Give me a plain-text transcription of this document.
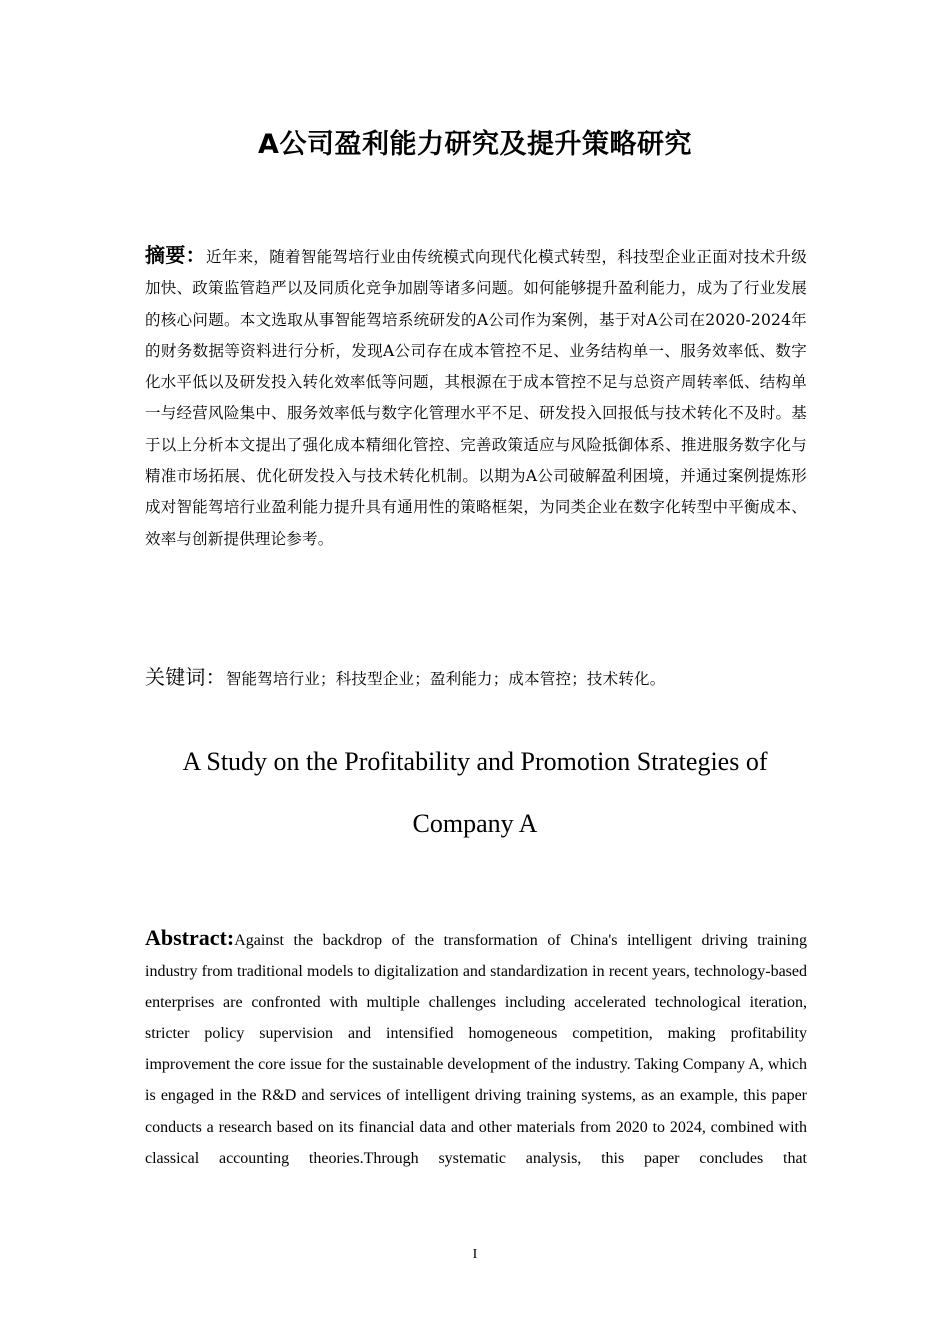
A公司盈利能力研究及提升策略研究
摘要：近年来，随着智能驾培行业由传统模式向现代化模式转型，科技型企业正面对技术升级加快、政策监管趋严以及同质化竞争加剧等诸多问题。如何能够提升盈利能力，成为了行业发展的核心问题。本文选取从事智能驾培系统研发的A公司作为案例，基于对A公司在2020-2024年的财务数据等资料进行分析，发现A公司存在成本管控不足、业务结构单一、服务效率低、数字化水平低以及研发投入转化效率低等问题，其根源在于成本管控不足与总资产周转率低、结构单一与经营风险集中、服务效率低与数字化管理水平不足、研发投入回报低与技术转化不及时。基于以上分析本文提出了强化成本精细化管控、完善政策适应与风险抵御体系、推进服务数字化与精准市场拓展、优化研发投入与技术转化机制。以期为A公司破解盈利困境，并通过案例提炼形成对智能驾培行业盈利能力提升具有通用性的策略框架，为同类企业在数字化转型中平衡成本、效率与创新提供理论参考。
关键词：智能驾培行业；科技型企业；盈利能力；成本管控；技术转化。
A Study on the Profitability and Promotion Strategies of
Company A
Abstract:Against the backdrop of the transformation of China's intelligent driving training industry from traditional models to digitalization and standardization in recent years, technology-based enterprises are confronted with multiple challenges including accelerated technological iteration, stricter policy supervision and intensified homogeneous competition, making profitability improvement the core issue for the sustainable development of the industry. Taking Company A, which is engaged in the R&D and services of intelligent driving training systems, as an example, this paper conducts a research based on its financial data and other materials from 2020 to 2024, combined with classical accounting theories.Through systematic analysis, this paper concludes that
I
